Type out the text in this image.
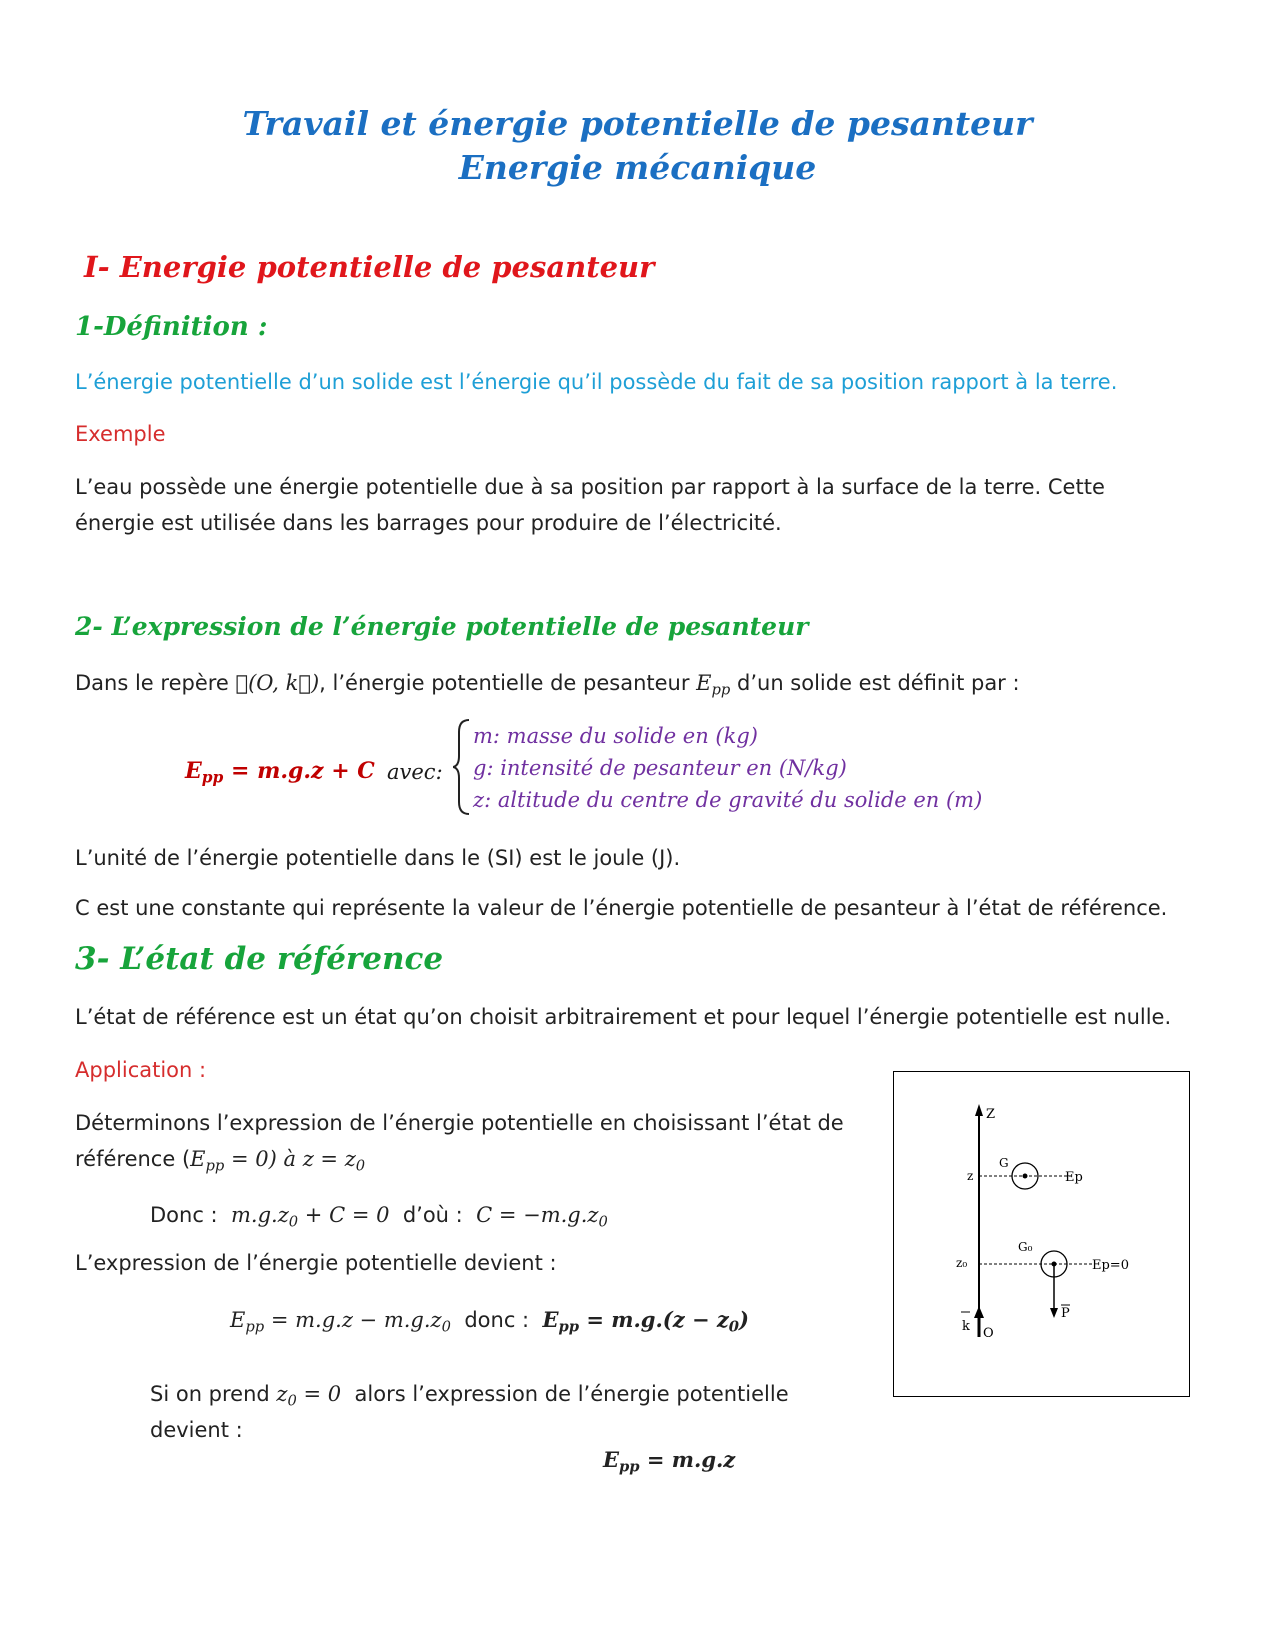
Travail et énergie potentielle de pesanteur
Energie mécanique
I- Energie potentielle de pesanteur
1-Définition :
L’énergie potentielle d’un solide est l’énergie qu’il possède du fait de sa position rapport à la terre.
Exemple
L’eau possède une énergie potentielle due à sa position par rapport à la surface de la terre. Cette
énergie est utilisée dans les barrages pour produire de l’électricité.
2- L’expression de l’énergie potentielle de pesanteur
Dans le repère ℜ(O, k⃗), l’énergie potentielle de pesanteur $E_{pp}$ d’un solide est définit par :
$E_{pp} = m.g.z + C$ avec:
m: masse du solide en (kg)
g: intensité de pesanteur en (N/kg)
z: altitude du centre de gravité du solide en (m)
L’unité de l’énergie potentielle dans le (SI) est le joule (J).
C est une constante qui représente la valeur de l’énergie potentielle de pesanteur à l’état de référence.
3- L’état de référence
L’état de référence est un état qu’on choisit arbitrairement et pour lequel l’énergie potentielle est nulle.
Application :
Déterminons l’expression de l’énergie potentielle en choisissant l’état de
référence $(E_{pp} = 0)$ à $z = z_0$
Donc : $m.g.z_0 + C = 0$ d’où : $C = -m.g.z_0$
L’expression de l’énergie potentielle devient :
$E_{pp} = m.g.z - m.g.z_0$ donc : $E_{pp} = m.g.(z - z_0)$
Si on prend $z_0 = 0$ alors l’expression de l’énergie potentielle
devient :
$E_{pp} = m.g.z$
Z
z
G
Ep
z₀
G₀
Ep=0
P
k O
